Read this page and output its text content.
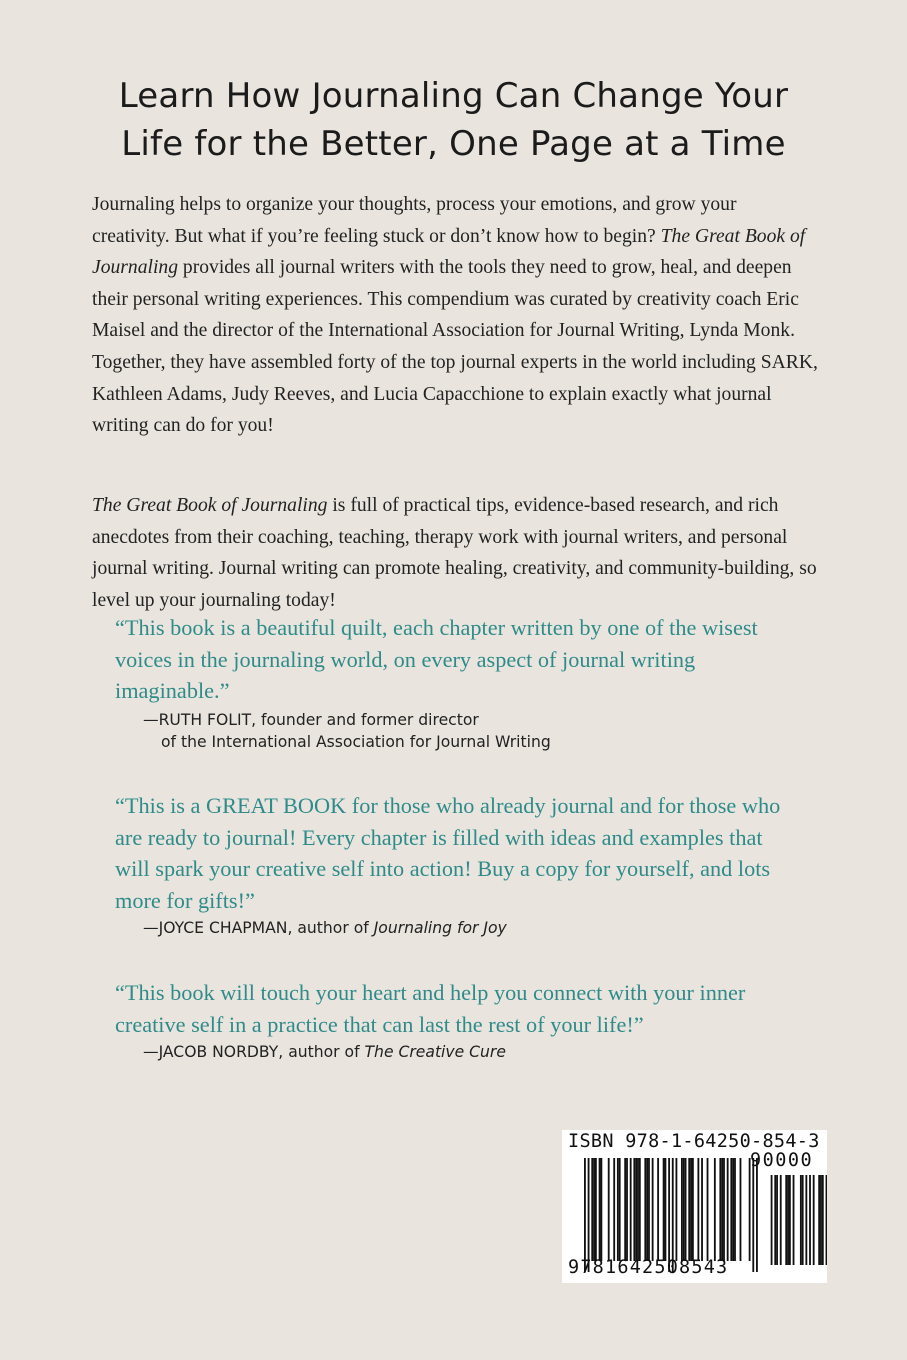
Learn How Journaling Can Change Your
Life for the Better, One Page at a Time

Journaling helps to organize your thoughts, process your emotions, and grow your creativity. But what if you’re feeling stuck or don’t know how to begin? The Great Book of Journaling provides all journal writers with the tools they need to grow, heal, and deepen their personal writing experiences. This compendium was curated by creativity coach Eric Maisel and the director of the International Association for Journal Writing, Lynda Monk. Together, they have assembled forty of the top journal experts in the world including SARK, Kathleen Adams, Judy Reeves, and Lucia Capacchione to explain exactly what journal writing can do for you!

The Great Book of Journaling is full of practical tips, evidence-based research, and rich anecdotes from their coaching, teaching, therapy work with journal writers, and personal journal writing. Journal writing can promote healing, creativity, and community-building, so level up your journaling today!

“This book is a beautiful quilt, each chapter written by one of the wisest voices in the journaling world, on every aspect of journal writing imaginable.”

—RUTH FOLIT, founder and former director
of the International Association for Journal Writing

“This is a GREAT BOOK for those who already journal and for those who are ready to journal! Every chapter is filled with ideas and examples that will spark your creative self into action! Buy a copy for yourself, and lots more for gifts!”

—JOYCE CHAPMAN, author of Journaling for Joy

“This book will touch your heart and help you connect with your inner creative self in a practice that can last the rest of your life!”

—JACOB NORDBY, author of The Creative Cure
ISBN 978-1-64250-854-3
90000
9781642508543
